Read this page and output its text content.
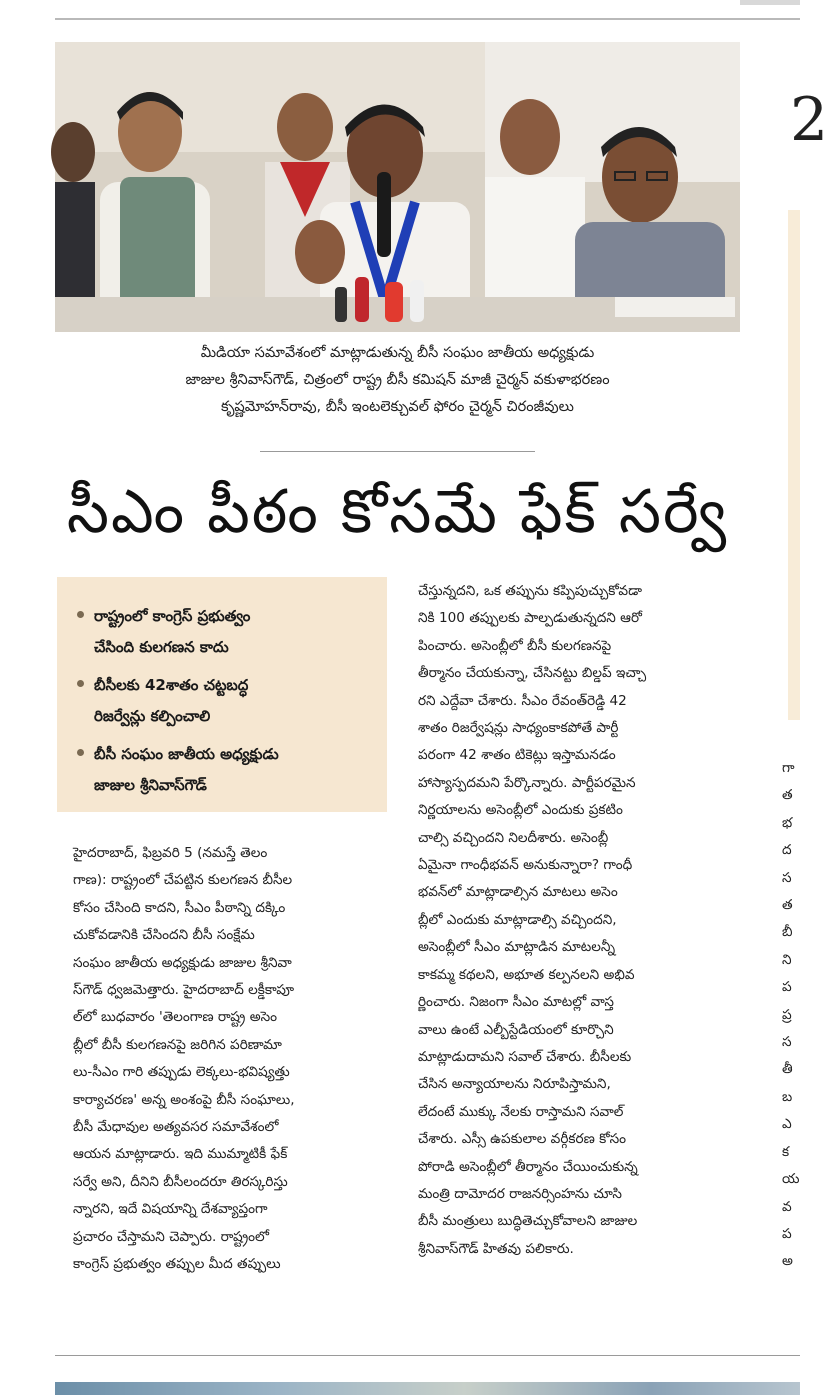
2
మీడియా సమావేశంలో మాట్లాడుతున్న బీసీ సంఘం జాతీయ అధ్యక్షుడు
జాజుల శ్రీనివాస్‌గౌడ్, చిత్రంలో రాష్ట్ర బీసీ కమిషన్ మాజీ చైర్మన్ వకుళాభరణం
కృష్ణమోహన్‌రావు, బీసీ ఇంటలెక్చువల్ ఫోరం చైర్మన్ చిరంజీవులు
సీఎం పీఠం కోసమే ఫేక్ సర్వే
రాష్ట్రంలో కాంగ్రెస్ ప్రభుత్వం
చేసింది కులగణన కాదు
బీసీలకు 42శాతం చట్టబద్ధ
రిజర్వేన్లు కల్పించాలి
బీసీ సంఘం జాతీయ అధ్యక్షుడు
జాజుల శ్రీనివాస్‌గౌడ్
హైదరాబాద్, ఫిబ్రవరి 5 (నమస్తే తెలం
గాణ): రాష్ట్రంలో చేపట్టిన కులగణన బీసీల
కోసం చేసింది కాదని, సీఎం పీఠాన్ని దక్కిం
చుకోవడానికి చేసిందని బీసీ సంక్షేమ
సంఘం జాతీయ అధ్యక్షుడు జాజుల శ్రీనివా
స్‌గౌడ్ ధ్వజమెత్తారు. హైదరాబాద్ లక్డీకాపూ
ల్‌లో బుధవారం 'తెలంగాణ రాష్ట్ర అసెం
బ్లీలో బీసీ కులగణనపై జరిగిన పరిణామా
లు-సీఎం గారి తప్పుడు లెక్కలు-భవిష్యత్తు
కార్యాచరణ' అన్న అంశంపై బీసీ సంఘాలు,
బీసీ మేధావుల అత్యవసర సమావేశంలో
ఆయన మాట్లాడారు. ఇది ముమ్మాటికీ ఫేక్
సర్వే అని, దీనిని బీసీలందరూ తిరస్కరిస్తు
న్నారని, ఇదే విషయాన్ని దేశవ్యాప్తంగా
ప్రచారం చేస్తామని చెప్పారు. రాష్ట్రంలో
కాంగ్రెస్ ప్రభుత్వం తప్పుల మీద తప్పులు
చేస్తున్నదని, ఒక తప్పును కప్పిపుచ్చుకోవడా
నికి 100 తప్పులకు పాల్పడుతున్నదని ఆరో
పించారు. అసెంబ్లీలో బీసీ కులగణనపై
తీర్మానం చేయకున్నా, చేసినట్టు బిల్డప్ ఇచ్చా
రని ఎద్దేవా చేశారు. సీఎం రేవంత్‌రెడ్డి 42
శాతం రిజర్వేషన్లు సాధ్యంకాకపోతే పార్టీ
పరంగా 42 శాతం టికెట్లు ఇస్తామనడం
హాస్యాస్పదమని పేర్కొన్నారు. పార్టీపరమైన
నిర్ణయాలను అసెంబ్లీలో ఎందుకు ప్రకటిం
చాల్సి వచ్చిందని నిలదీశారు. అసెంబ్లీ
ఏమైనా గాంధీభవన్ అనుకున్నారా? గాంధీ
భవన్‌లో మాట్లాడాల్సిన మాటలు అసెం
బ్లీలో ఎందుకు మాట్లాడాల్సి వచ్చిందని,
అసెంబ్లీలో సీఎం మాట్లాడిన మాటలన్నీ
కాకమ్మ కథలని, అభూత కల్పనలని అభివ
ర్ణించారు. నిజంగా సీఎం మాటల్లో వాస్త
వాలు ఉంటే ఎల్బీస్టేడియంలో కూర్చొని
మాట్లాడుదామని సవాల్ చేశారు. బీసీలకు
చేసిన అన్యాయాలను నిరూపిస్తామని,
లేదంటే ముక్కు నేలకు రాస్తామని సవాల్
చేశారు. ఎస్సీ ఉపకులాల వర్గీకరణ కోసం
పోరాడి అసెంబ్లీలో తీర్మానం చేయించుకున్న
మంత్రి దామోదర రాజనర్సింహను చూసి
బీసీ మంత్రులు బుద్ధితెచ్చుకోవాలని జాజుల
శ్రీనివాస్‌గౌడ్ హితవు పలికారు.
గా
త
భ
ద
స
త
బీ
ని
ప
ప్ర
స
తీ
బ
ఎ
క
య
వ
ప
అ
